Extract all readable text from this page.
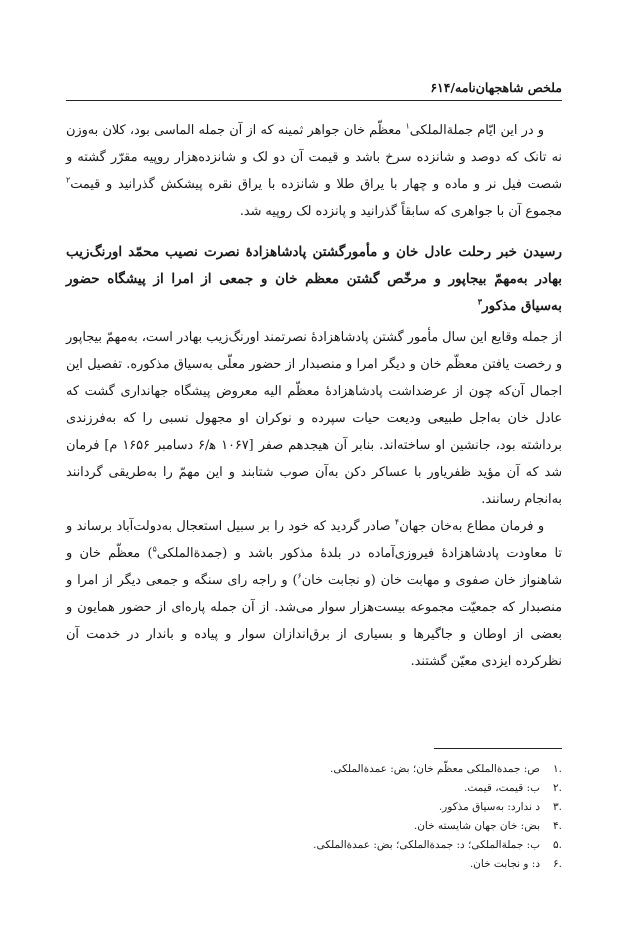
ملخص شاهجهان‌نامه/۶۱۴

و در این ایّام جملةالملکی$^۱$ معظّم خان جواهر ثمینه که از آن جمله الماسی بود، کلان به‌وزن نه تانک که دوصد و شانزده سرخ باشد و قیمت آن دو لک و شانزده‌هزار روپیه مقرّر گشته و شصت فیل نر و ماده و چهار با یراق طلا و شانزده با یراق نقره پیشکش گذرانید و قیمت$^۲$ مجموع آن با جواهری که سابقاً گذرانید و پانزده لک روپیه شد.

رسیدن خبر رحلت عادل خان و مأمورگشتن پادشاهزادهٔ نصرت نصیب محمّد اورنگ‌زیب بهادر به‌مهمّ بیجاپور و مرخّص گشتن معظم خان و جمعی از امرا از پیشگاه حضور به‌سیاق مذکور$^۳$

از جمله وقایع این سال مأمور گشتن پادشاهزادهٔ نصرتمند اورنگ‌زیب بهادر است، به‌مهمّ بیجاپور و رخصت یافتن معظّم خان و دیگر امرا و منصبدار از حضور معلّی به‌سیاق مذکوره. تفصیل این اجمال آن‌که چون از عرضداشت پادشاهزادهٔ معظّم الیه معروض پیشگاه جهانداری گشت که عادل خان به‌اجل طبیعی ودیعت حیات سپرده و نوکران او مجهول نسبی را که به‌فرزندی برداشته بود، جانشین او ساخته‌اند. بنابر آن هیجدهم صفر [۱۰۶۷ ه‍/۶ دسامبر ۱۶۵۶ م] فرمان شد که آن مؤید ظفریاور با عساکر دکن به‌آن صوب شتابند و این مهمّ را به‌طریقی گردانند به‌انجام رسانند.

و فرمان مطاع به‌خان جهان$^۴$ صادر گردید که خود را بر سبیل استعجال به‌دولت‌آباد برساند و تا معاودت پادشاهزادهٔ فیروزی‌آماده در بلدهٔ مذکور باشد و (جمدةالملکی$^۵$) معظّم خان و شاهنواز خان صفوی و مهابت خان (و نجابت خان$^۶$) و راجه رای سنگه و جمعی دیگر از امرا و منصبدار که جمعیّت مجموعه بیست‌هزار سوار می‌شد. از آن جمله پاره‌ای از حضور همایون و بعضی از اوطان و جاگیرها و بسیاری از برق‌اندازان سوار و پیاده و باندار در خدمت آن نظرکرده ایزدی معیّن گشتند.

.۱
ص: جمدةالملکی معظّم خان؛ بض: عمدةالملکی.
.۲
ب: قیمت، قیمت.
.۳
د ندارد: به‌سیاق مذکور.
.۴
بض: خان جهان شایسته خان.
.۵
ب: جملةالملکی؛ د: جمدةالملکی؛ بض: عمدةالملکی.
.۶
د: و نجابت خان.
